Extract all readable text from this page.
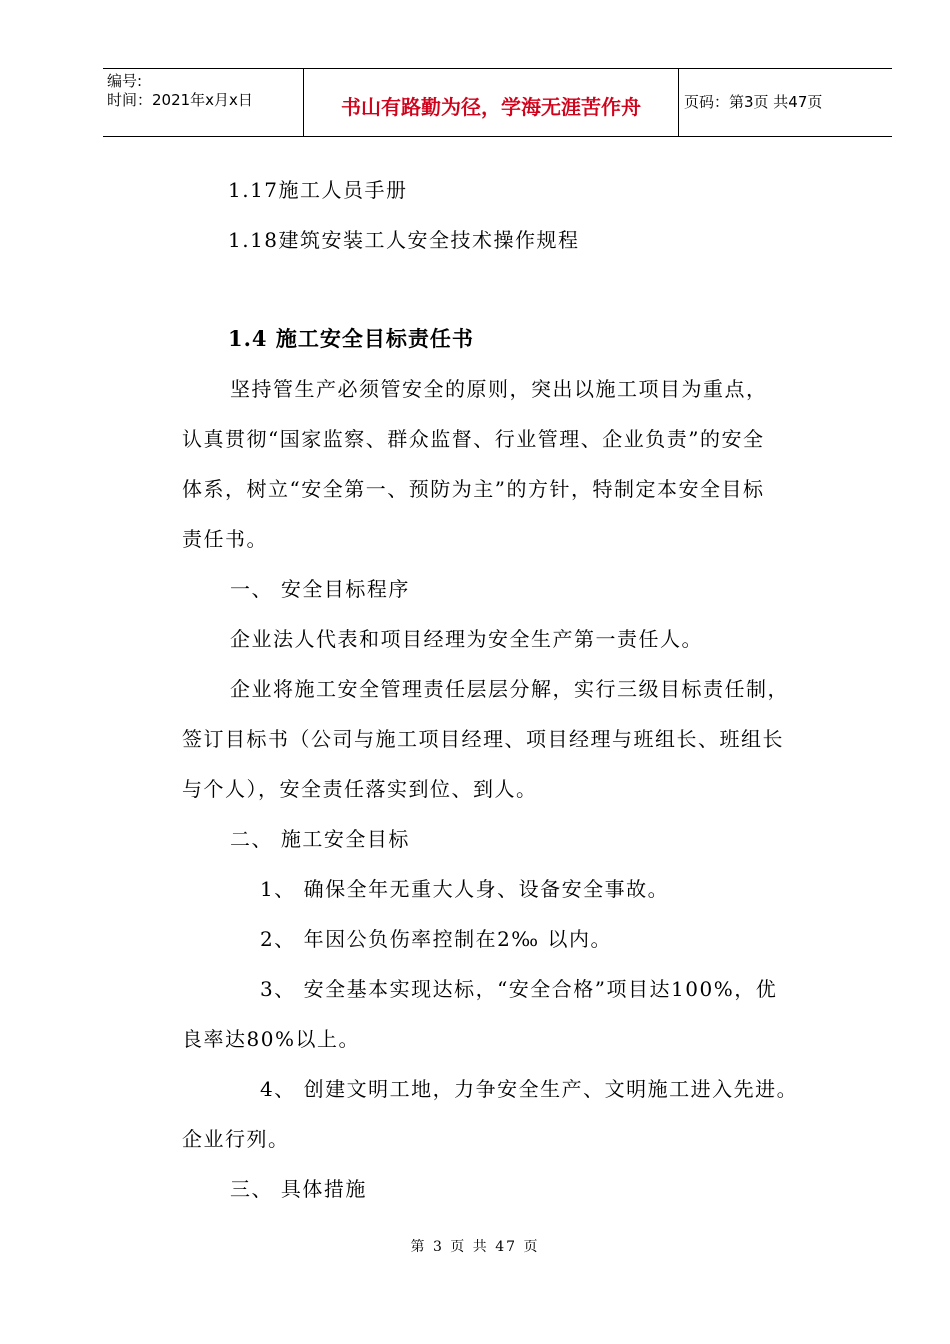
编号:
时间：2021年x月x日	书山有路勤为径，学海无涯苦作舟	页码：第3页 共47页
1.17施工人员手册
1.18建筑安装工人安全技术操作规程
1.4 施工安全目标责任书
坚持管生产必须管安全的原则，突出以施工项目为重点，
认真贯彻“国家监察、群众监督、行业管理、企业负责”的安全
体系，树立“安全第一、预防为主”的方针，特制定本安全目标
责任书。
一、 安全目标程序
企业法人代表和项目经理为安全生产第一责任人。
企业将施工安全管理责任层层分解，实行三级目标责任制，
签订目标书（公司与施工项目经理、项目经理与班组长、班组长
与个人），安全责任落实到位、到人。
二、 施工安全目标
1、 确保全年无重大人身、设备安全事故。
2、 年因公负伤率控制在2‰ 以内。
3、 安全基本实现达标，“安全合格”项目达100%，优
良率达80%以上。
4、 创建文明工地，力争安全生产、文明施工进入先进。
企业行列。
三、 具体措施
第 3 页 共 47 页
